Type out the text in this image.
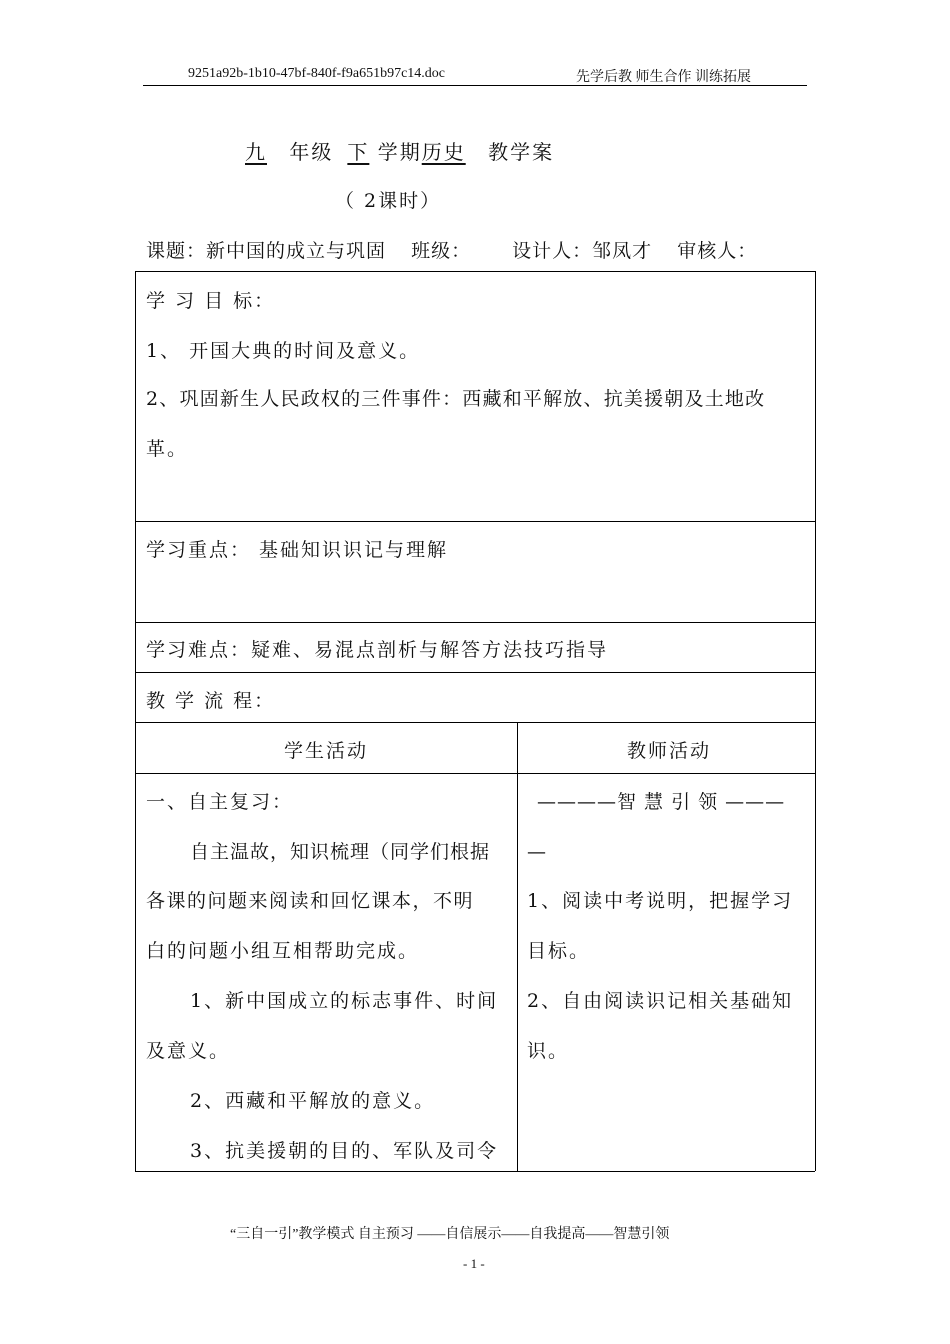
9251a92b-1b10-47bf-840f-f9a651b97c14.doc	先学后教 师生合作 训练拓展
九 年级 下 学期历史 教学案
（ 2课时）
课题：新中国的成立与巩固 班级： 设计人：邹凤才 审核人：
学 习 目 标：
1、 开国大典的时间及意义。
2、巩固新生人民政权的三件事件：西藏和平解放、抗美援朝及土地改
革。
学习重点： 基础知识识记与理解
学习难点：疑难、易混点剖析与解答方法技巧指导
教 学 流 程：
学生活动	教师活动
一、自主复习：
自主温故，知识梳理（同学们根据
各课的问题来阅读和回忆课本，不明
白的问题小组互相帮助完成。
1、新中国成立的标志事件、时间
及意义。
2、西藏和平解放的意义。
3、抗美援朝的目的、军队及司令
————智 慧 引 领 ———
—
1、阅读中考说明，把握学习
目标。
2、自由阅读识记相关基础知
识。
“三自一引”教学模式 自主预习 ——自信展示——自我提高——智慧引领
- 1 -
